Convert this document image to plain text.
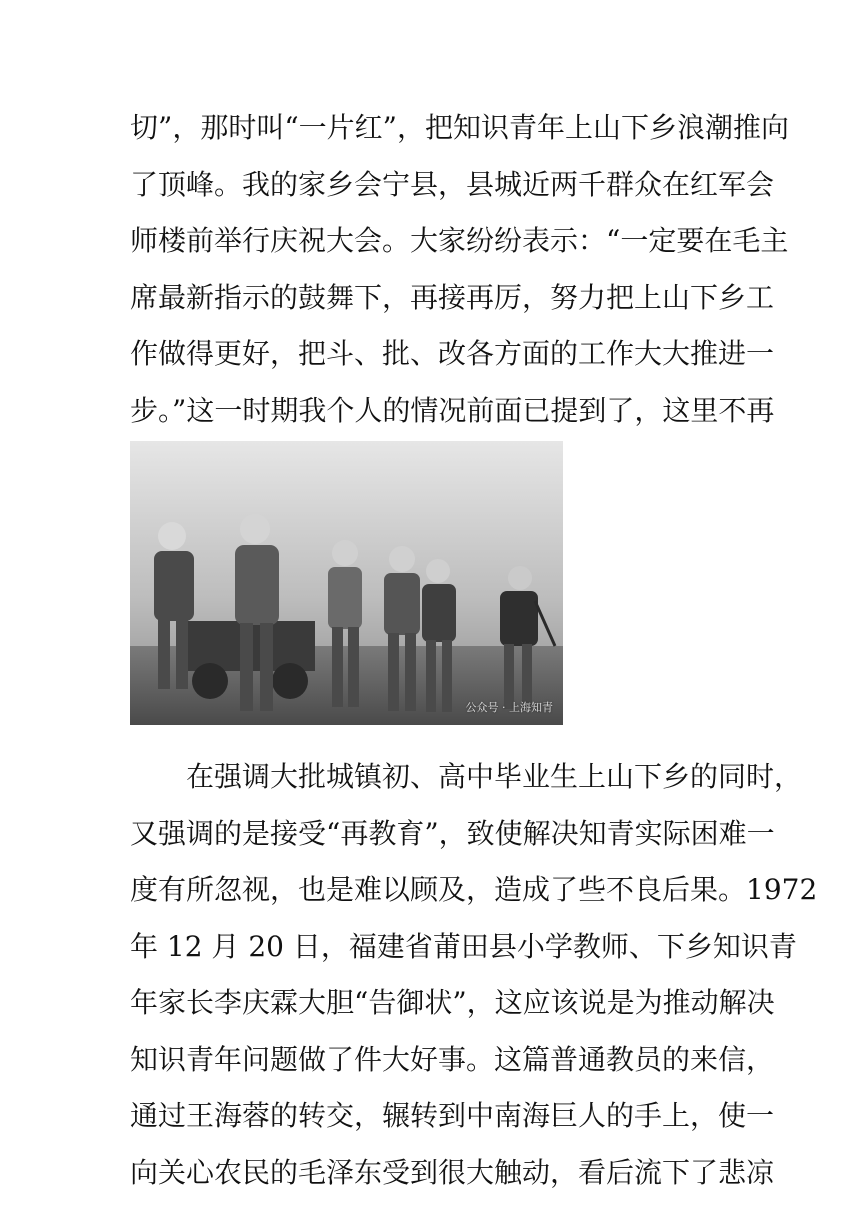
切”，那时叫“一片红”，把知识青年上山下乡浪潮推向
了顶峰。我的家乡会宁县，县城近两千群众在红军会
师楼前举行庆祝大会。大家纷纷表示：“一定要在毛主
席最新指示的鼓舞下，再接再厉，努力把上山下乡工
作做得更好，把斗、批、改各方面的工作大大推进一
步。”这一时期我个人的情况前面已提到了，这里不再
公众号 · 上海知青
在强调大批城镇初、高中毕业生上山下乡的同时，
又强调的是接受“再教育”，致使解决知青实际困难一
度有所忽视，也是难以顾及，造成了些不良后果。1972
年 12 月 20 日，福建省莆田县小学教师、下乡知识青
年家长李庆霖大胆“告御状”，这应该说是为推动解决
知识青年问题做了件大好事。这篇普通教员的来信，
通过王海蓉的转交，辗转到中南海巨人的手上，使一
向关心农民的毛泽东受到很大触动，看后流下了悲凉
